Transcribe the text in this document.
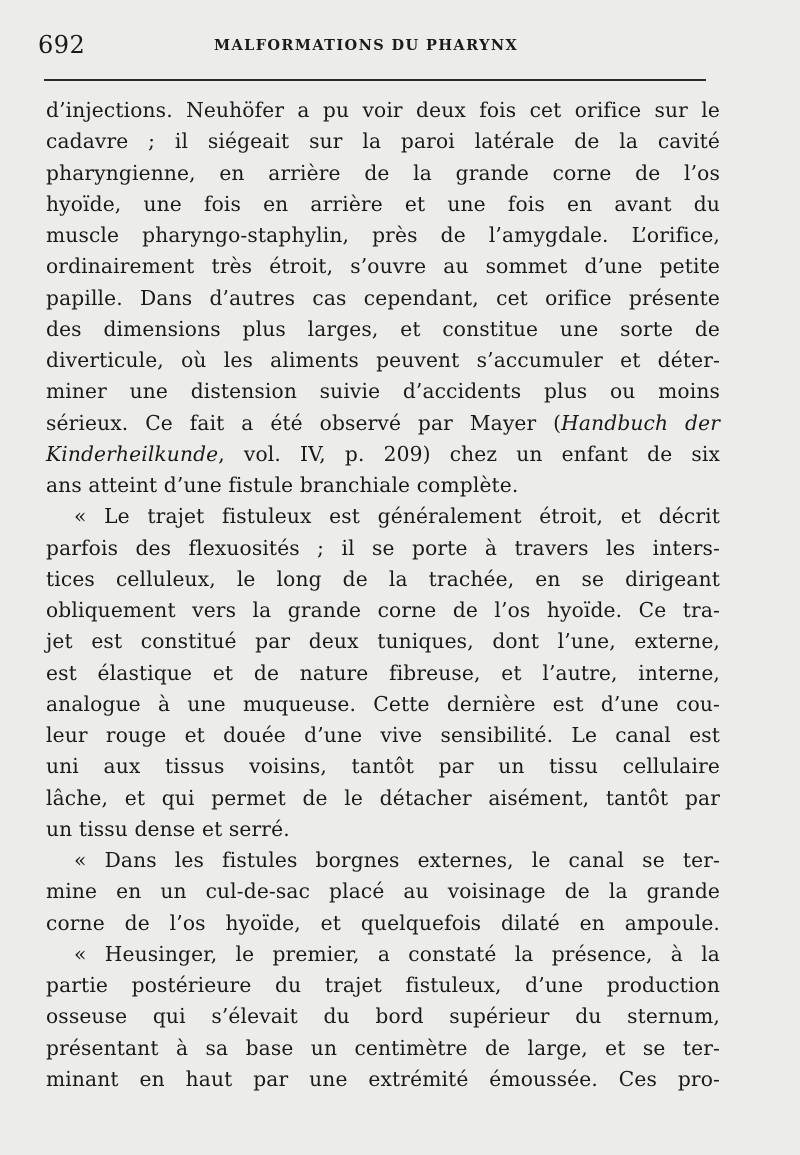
692	MALFORMATIONS DU PHARYNX
d’injections. Neuhöfer a pu voir deux fois cet orifice sur le
cadavre ; il siégeait sur la paroi latérale de la cavité
pharyngienne, en arrière de la grande corne de l’os
hyoïde, une fois en arrière et une fois en avant du
muscle pharyngo-staphylin, près de l’amygdale. L’orifice,
ordinairement très étroit, s’ouvre au sommet d’une petite
papille. Dans d’autres cas cependant, cet orifice présente
des dimensions plus larges, et constitue une sorte de
diverticule, où les aliments peuvent s’accumuler et déter-
miner une distension suivie d’accidents plus ou moins
sérieux. Ce fait a été observé par Mayer (Handbuch der
Kinderheilkunde, vol. IV, p. 209) chez un enfant de six
ans atteint d’une fistule branchiale complète.
« Le trajet fistuleux est généralement étroit, et décrit
parfois des flexuosités ; il se porte à travers les inters-
tices celluleux, le long de la trachée, en se dirigeant
obliquement vers la grande corne de l’os hyoïde. Ce tra-
jet est constitué par deux tuniques, dont l’une, externe,
est élastique et de nature fibreuse, et l’autre, interne,
analogue à une muqueuse. Cette dernière est d’une cou-
leur rouge et douée d’une vive sensibilité. Le canal est
uni aux tissus voisins, tantôt par un tissu cellulaire
lâche, et qui permet de le détacher aisément, tantôt par
un tissu dense et serré.
« Dans les fistules borgnes externes, le canal se ter-
mine en un cul-de-sac placé au voisinage de la grande
corne de l’os hyoïde, et quelquefois dilaté en ampoule.
« Heusinger, le premier, a constaté la présence, à la
partie postérieure du trajet fistuleux, d’une production
osseuse qui s’élevait du bord supérieur du sternum,
présentant à sa base un centimètre de large, et se ter-
minant en haut par une extrémité émoussée. Ces pro-
